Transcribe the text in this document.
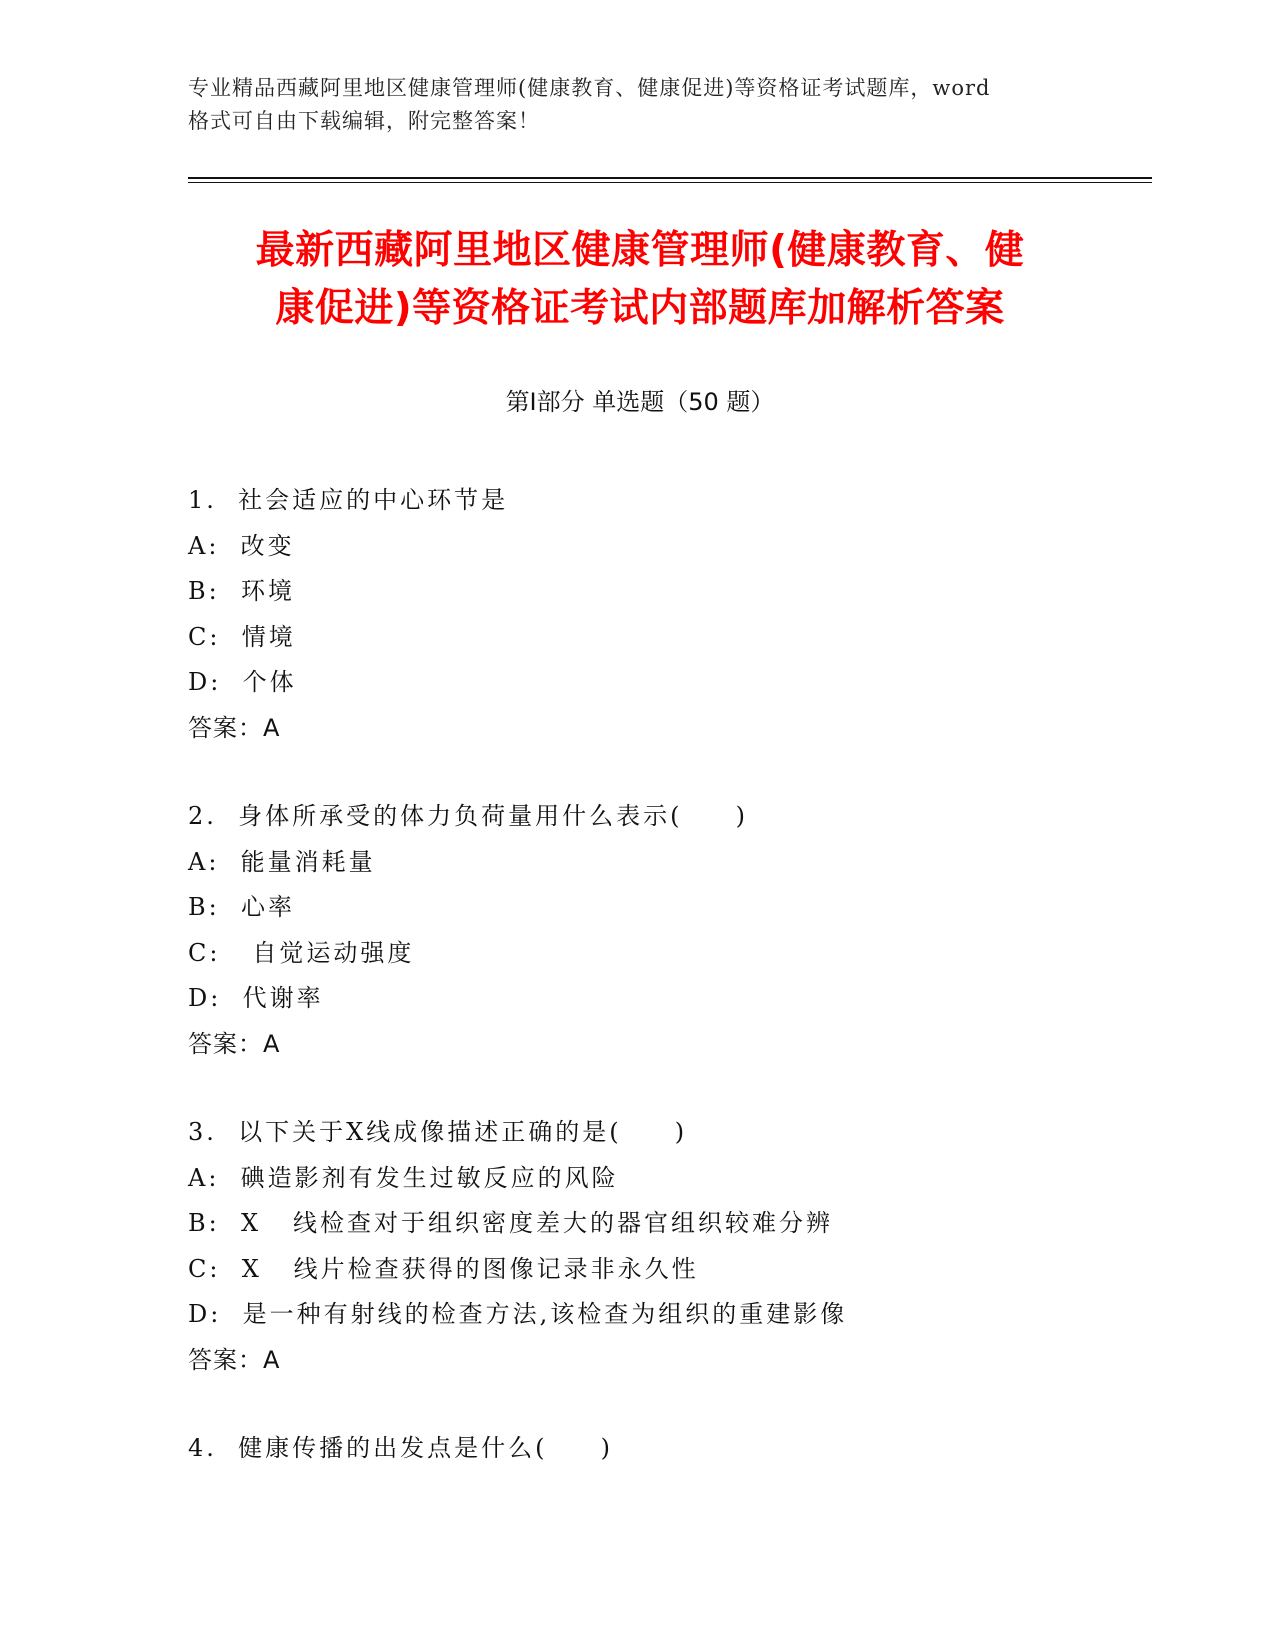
专业精品西藏阿里地区健康管理师(健康教育、健康促进)等资格证考试题库，word
格式可自由下载编辑，附完整答案！
最新西藏阿里地区健康管理师(健康教育、健
康促进)等资格证考试内部题库加解析答案
第Ⅰ部分 单选题（50 题）
1.  社会适应的中心环节是
A:  改变
B:  环境
C:  情境
D:  个体
答案：A
2.  身体所承受的体力负荷量用什么表示(     )
A:  能量消耗量
B:  心率
C:   自觉运动强度
D:  代谢率
答案：A
3.  以下关于X线成像描述正确的是(     )
A:  碘造影剂有发生过敏反应的风险
B:  X   线检查对于组织密度差大的器官组织较难分辨
C:  X   线片检查获得的图像记录非永久性
D:  是一种有射线的检查方法,该检查为组织的重建影像
答案：A
4.  健康传播的出发点是什么(     )
